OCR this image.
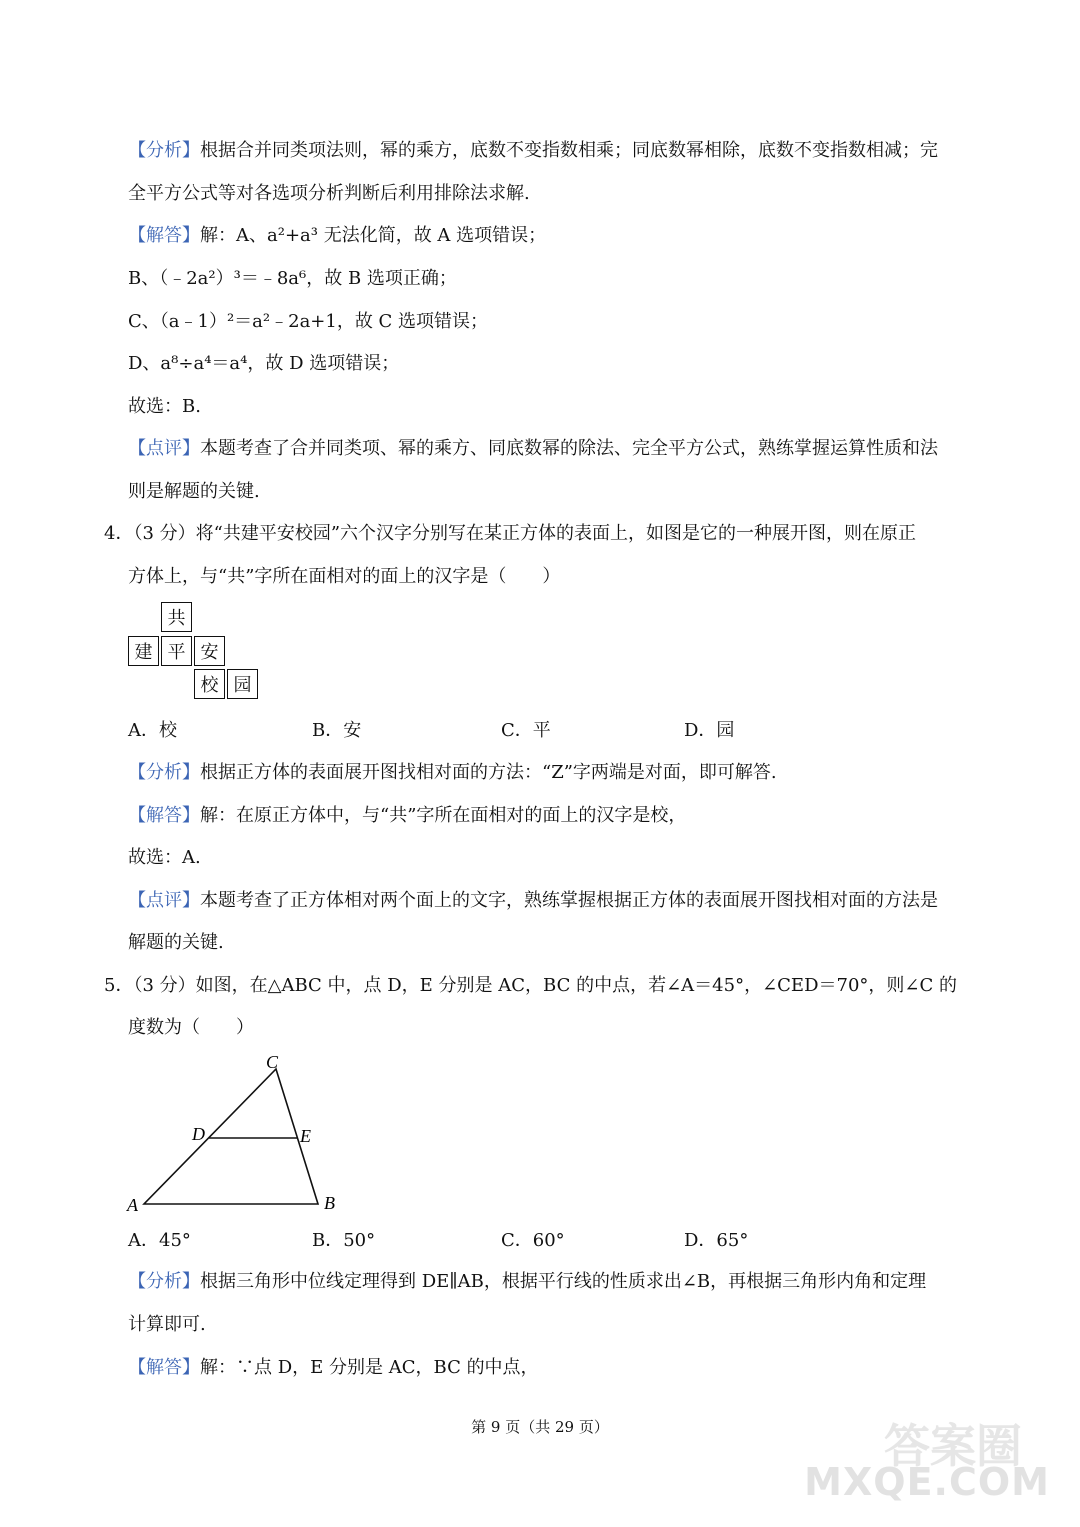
【分析】根据合并同类项法则，幂的乘方，底数不变指数相乘；同底数幂相除，底数不变指数相减；完
全平方公式等对各选项分析判断后利用排除法求解.
【解答】解：A、a²+a³ 无法化简，故 A 选项错误；
B、（﹣2a²）³＝﹣8a⁶，故 B 选项正确；
C、（a﹣1）²＝a²﹣2a+1，故 C 选项错误；
D、a⁸÷a⁴＝a⁴，故 D 选项错误；
故选：B.
【点评】本题考查了合并同类项、幂的乘方、同底数幂的除法、完全平方公式，熟练掌握运算性质和法
则是解题的关键.
4．（3 分）将“共建平安校园”六个汉字分别写在某正方体的表面上，如图是它的一种展开图，则在原正
方体上，与“共”字所在面相对的面上的汉字是（　　）
共
建 平 安
校 园
A．校	B．安	C．平	D．园
【分析】根据正方体的表面展开图找相对面的方法：“Z”字两端是对面，即可解答.
【解答】解：在原正方体中，与“共”字所在面相对的面上的汉字是校，
故选：A.
【点评】本题考查了正方体相对两个面上的文字，熟练掌握根据正方体的表面展开图找相对面的方法是
解题的关键.
5．（3 分）如图，在△ABC 中，点 D，E 分别是 AC，BC 的中点，若∠A＝45°，∠CED＝70°，则∠C 的
度数为（　　）
C
D	E
A	B
A．45°	B．50°	C．60°	D．65°
【分析】根据三角形中位线定理得到 DE∥AB，根据平行线的性质求出∠B，再根据三角形内角和定理
计算即可.
【解答】解：∵点 D，E 分别是 AC，BC 的中点，
第 9 页（共 29 页）	答案圈
MXQE.COM
